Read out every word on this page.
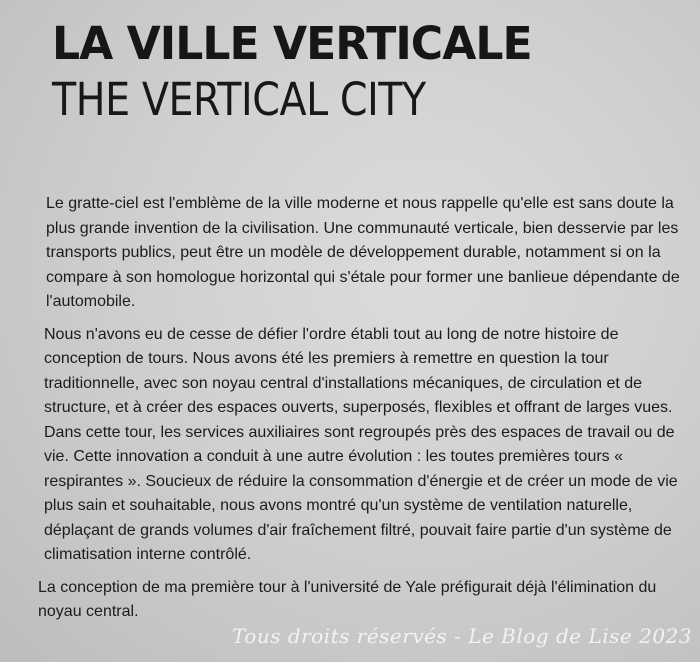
LA VILLE VERTICALE
THE VERTICAL CITY

Le gratte-ciel est l'emblème de la ville moderne et nous rappelle qu'elle est sans doute la plus grande invention de la civilisation. Une communauté verticale, bien desservie par les transports publics, peut être un modèle de développement durable, notamment si on la compare à son homologue horizontal qui s'étale pour former une banlieue dépendante de l'automobile.

Nous n'avons eu de cesse de défier l'ordre établi tout au long de notre histoire de conception de tours. Nous avons été les premiers à remettre en question la tour traditionnelle, avec son noyau central d'installations mécaniques, de circulation et de structure, et à créer des espaces ouverts, superposés, flexibles et offrant de larges vues. Dans cette tour, les services auxiliaires sont regroupés près des espaces de travail ou de vie. Cette innovation a conduit à une autre évolution : les toutes premières tours « respirantes ». Soucieux de réduire la consommation d'énergie et de créer un mode de vie plus sain et souhaitable, nous avons montré qu'un système de ventilation naturelle, déplaçant de grands volumes d'air fraîchement filtré, pouvait faire partie d'un système de climatisation interne contrôlé.

La conception de ma première tour à l'université de Yale préfigurait déjà l'élimination du noyau central.

Tous droits réservés - Le Blog de Lise 2023
